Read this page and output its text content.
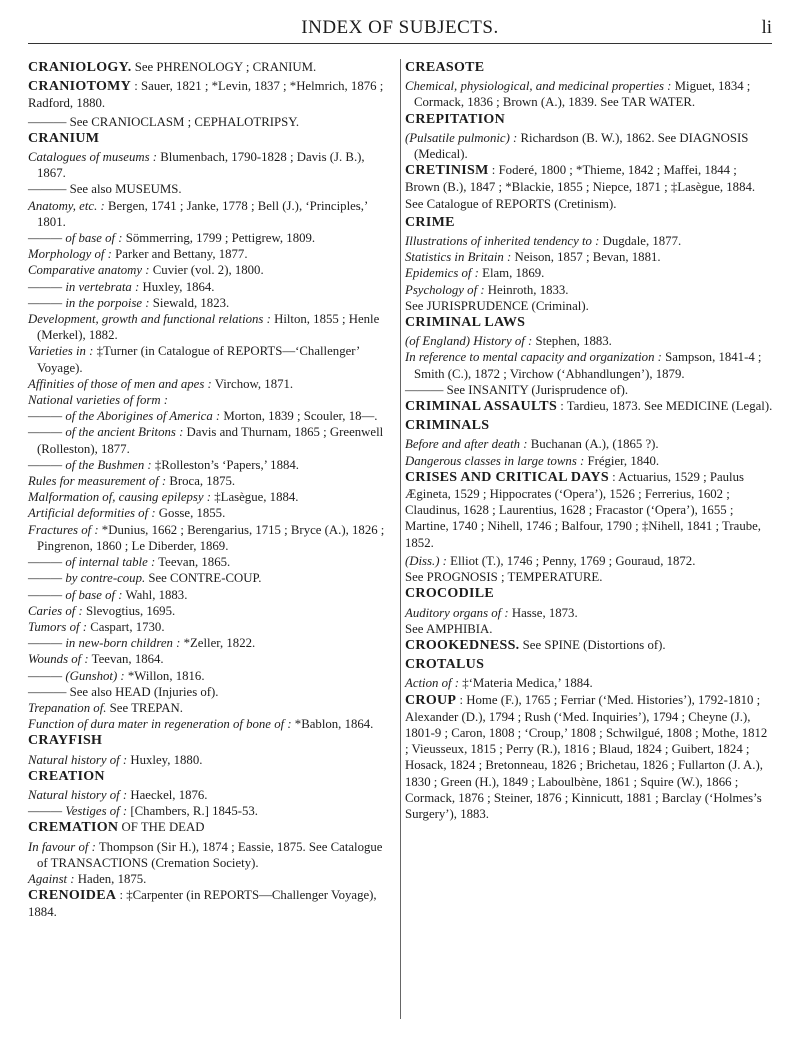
INDEX OF SUBJECTS.	li
CRANIOLOGY. See PHRENOLOGY ; CRANIUM.
CRANIOTOMY : Sauer, 1821 ; *Levin, 1837 ; *Helmrich, 1876 ; Radford, 1880.
——— See CRANIOCLASM ; CEPHALOTRIPSY.
CRANIUM
Catalogues of museums : Blumenbach, 1790-1828 ; Davis (J. B.), 1867.
——— See also MUSEUMS.
Anatomy, etc. : Bergen, 1741 ; Janke, 1778 ; Bell (J.), ‘Principles,’ 1801.
——— of base of : Sömmerring, 1799 ; Pettigrew, 1809.
Morphology of : Parker and Bettany, 1877.
Comparative anatomy : Cuvier (vol. 2), 1800.
——— in vertebrata : Huxley, 1864.
——— in the porpoise : Siewald, 1823.
Development, growth and functional relations : Hilton, 1855 ; Henle (Merkel), 1882.
Varieties in : ‡Turner (in Catalogue of REPORTS—‘Challenger’ Voyage).
Affinities of those of men and apes : Virchow, 1871.
National varieties of form :
——— of the Aborigines of America : Morton, 1839 ; Scouler, 18—.
——— of the ancient Britons : Davis and Thurnam, 1865 ; Greenwell (Rolleston), 1877.
——— of the Bushmen : ‡Rolleston’s ‘Papers,’ 1884.
Rules for measurement of : Broca, 1875.
Malformation of, causing epilepsy : ‡Lasègue, 1884.
Artificial deformities of : Gosse, 1855.
Fractures of : *Dunius, 1662 ; Berengarius, 1715 ; Bryce (A.), 1826 ; Pingrenon, 1860 ; Le Diberder, 1869.
——— of internal table : Teevan, 1865.
——— by contre-coup. See CONTRE-COUP.
——— of base of : Wahl, 1883.
Caries of : Slevogtius, 1695.
Tumors of : Caspart, 1730.
——— in new-born children : *Zeller, 1822.
Wounds of : Teevan, 1864.
——— (Gunshot) : *Willon, 1816.
——— See also HEAD (Injuries of).
Trepanation of. See TREPAN.
Function of dura mater in regeneration of bone of : *Bablon, 1864.
CRAYFISH
Natural history of : Huxley, 1880.
CREATION
Natural history of : Haeckel, 1876.
——— Vestiges of : [Chambers, R.] 1845-53.
CREMATION OF THE DEAD
In favour of : Thompson (Sir H.), 1874 ; Eassie, 1875. See Catalogue of TRANSACTIONS (Cremation Society).
Against : Haden, 1875.
CRENOIDEA : ‡Carpenter (in REPORTS—Challenger Voyage), 1884.
CREASOTE
Chemical, physiological, and medicinal properties : Miguet, 1834 ; Cormack, 1836 ; Brown (A.), 1839. See TAR WATER.
CREPITATION
(Pulsatile pulmonic) : Richardson (B. W.), 1862. See DIAGNOSIS (Medical).
CRETINISM : Foderé, 1800 ; *Thieme, 1842 ; Maffei, 1844 ; Brown (B.), 1847 ; *Blackie, 1855 ; Niepce, 1871 ; ‡Lasègue, 1884. See Catalogue of REPORTS (Cretinism).
CRIME
Illustrations of inherited tendency to : Dugdale, 1877.
Statistics in Britain : Neison, 1857 ; Bevan, 1881.
Epidemics of : Elam, 1869.
Psychology of : Heinroth, 1833.
See JURISPRUDENCE (Criminal).
CRIMINAL LAWS
(of England) History of : Stephen, 1883.
In reference to mental capacity and organization : Sampson, 1841-4 ; Smith (C.), 1872 ; Virchow (‘Abhandlungen’), 1879.
——— See INSANITY (Jurisprudence of).
CRIMINAL ASSAULTS : Tardieu, 1873. See MEDICINE (Legal).
CRIMINALS
Before and after death : Buchanan (A.), (1865 ?).
Dangerous classes in large towns : Frégier, 1840.
CRISES AND CRITICAL DAYS : Actuarius, 1529 ; Paulus Ægineta, 1529 ; Hippocrates (‘Opera’), 1526 ; Ferrerius, 1602 ; Claudinus, 1628 ; Laurentius, 1628 ; Fracastor (‘Opera’), 1655 ; Martine, 1740 ; Nihell, 1746 ; Balfour, 1790 ; ‡Nihell, 1841 ; Traube, 1852.
(Diss.) : Elliot (T.), 1746 ; Penny, 1769 ; Gouraud, 1872.
See PROGNOSIS ; TEMPERATURE.
CROCODILE
Auditory organs of : Hasse, 1873.
See AMPHIBIA.
CROOKEDNESS. See SPINE (Distortions of).
CROTALUS
Action of : ‡‘Materia Medica,’ 1884.
CROUP : Home (F.), 1765 ; Ferriar (‘Med. Histories’), 1792-1810 ; Alexander (D.), 1794 ; Rush (‘Med. Inquiries’), 1794 ; Cheyne (J.), 1801-9 ; Caron, 1808 ; ‘Croup,’ 1808 ; Schwilgué, 1808 ; Mothe, 1812 ; Vieusseux, 1815 ; Perry (R.), 1816 ; Blaud, 1824 ; Guibert, 1824 ; Hosack, 1824 ; Bretonneau, 1826 ; Brichetau, 1826 ; Fullarton (J. A.), 1830 ; Green (H.), 1849 ; Laboulbène, 1861 ; Squire (W.), 1866 ; Cormack, 1876 ; Steiner, 1876 ; Kinnicutt, 1881 ; Barclay (‘Holmes’s Surgery’), 1883.
